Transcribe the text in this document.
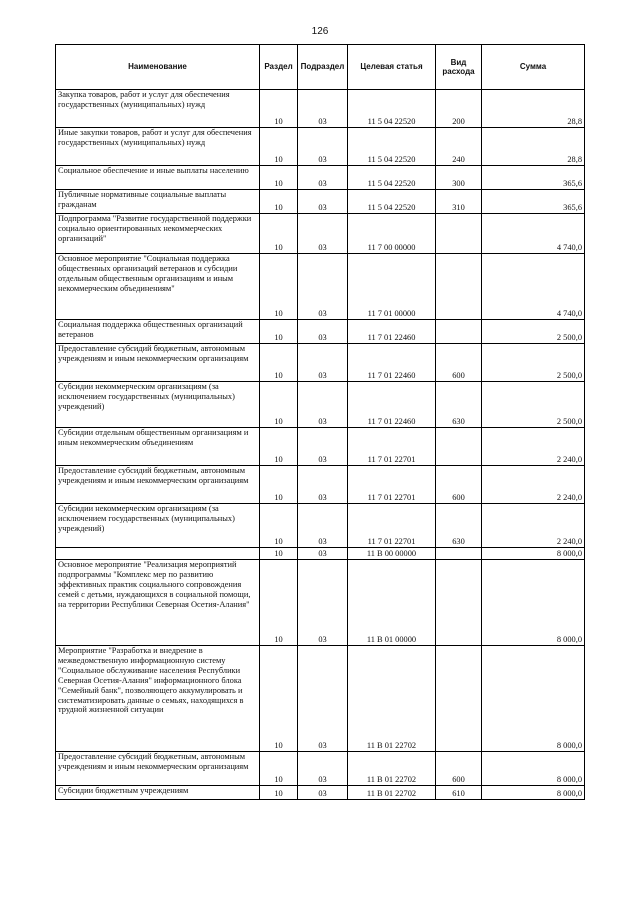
126
Наименование	Раздел	Подраздел	Целевая статья	Вид расхода	Сумма
Закупка товаров, работ и услуг для обеспечения государственных (муниципальных) нужд	10	03	11 5 04 22520	200	28,8
Иные закупки товаров, работ и услуг для обеспечения государственных (муниципальных) нужд	10	03	11 5 04 22520	240	28,8
Социальное обеспечение и иные выплаты населению	10	03	11 5 04 22520	300	365,6
Публичные нормативные социальные выплаты гражданам	10	03	11 5 04 22520	310	365,6
Подпрограмма "Развитие государственной поддержки социально ориентированных некоммерческих организаций"	10	03	11 7 00 00000		4 740,0
Основное мероприятие "Социальная поддержка общественных организаций ветеранов и субсидии отдельным общественным организациям и иным некоммерческим объединениям"	10	03	11 7 01 00000		4 740,0
Социальная поддержка общественных организаций ветеранов	10	03	11 7 01 22460		2 500,0
Предоставление субсидий бюджетным, автономным учреждениям и иным некоммерческим организациям	10	03	11 7 01 22460	600	2 500,0
Субсидии некоммерческим организациям (за исключением государственных (муниципальных) учреждений)	10	03	11 7 01 22460	630	2 500,0
Субсидии отдельным общественным организациям и иным некоммерческим объединениям	10	03	11 7 01 22701		2 240,0
Предоставление субсидий бюджетным, автономным учреждениям и иным некоммерческим организациям	10	03	11 7 01 22701	600	2 240,0
Субсидии некоммерческим организациям (за исключением государственных (муниципальных) учреждений)	10	03	11 7 01 22701	630	2 240,0
	10	03	11 В 00 00000		8 000,0
Основное мероприятие "Реализация мероприятий подпрограммы "Комплекс мер по развитию эффективных практик социального сопровождения семей с детьми, нуждающихся в социальной помощи, на территории Республики Северная Осетия-Алания"	10	03	11 В 01 00000		8 000,0
Мероприятие "Разработка и внедрение в межведомственную информационную систему "Социальное обслуживание населения Республики Северная Осетия-Алания" информационного блока "Семейный банк", позволяющего аккумулировать и систематизировать данные о семьях, находящихся в трудной жизненной ситуации	10	03	11 В 01 22702		8 000,0
Предоставление субсидий бюджетным, автономным учреждениям и иным некоммерческим организациям	10	03	11 В 01 22702	600	8 000,0
Субсидии бюджетным учреждениям	10	03	11 В 01 22702	610	8 000,0
